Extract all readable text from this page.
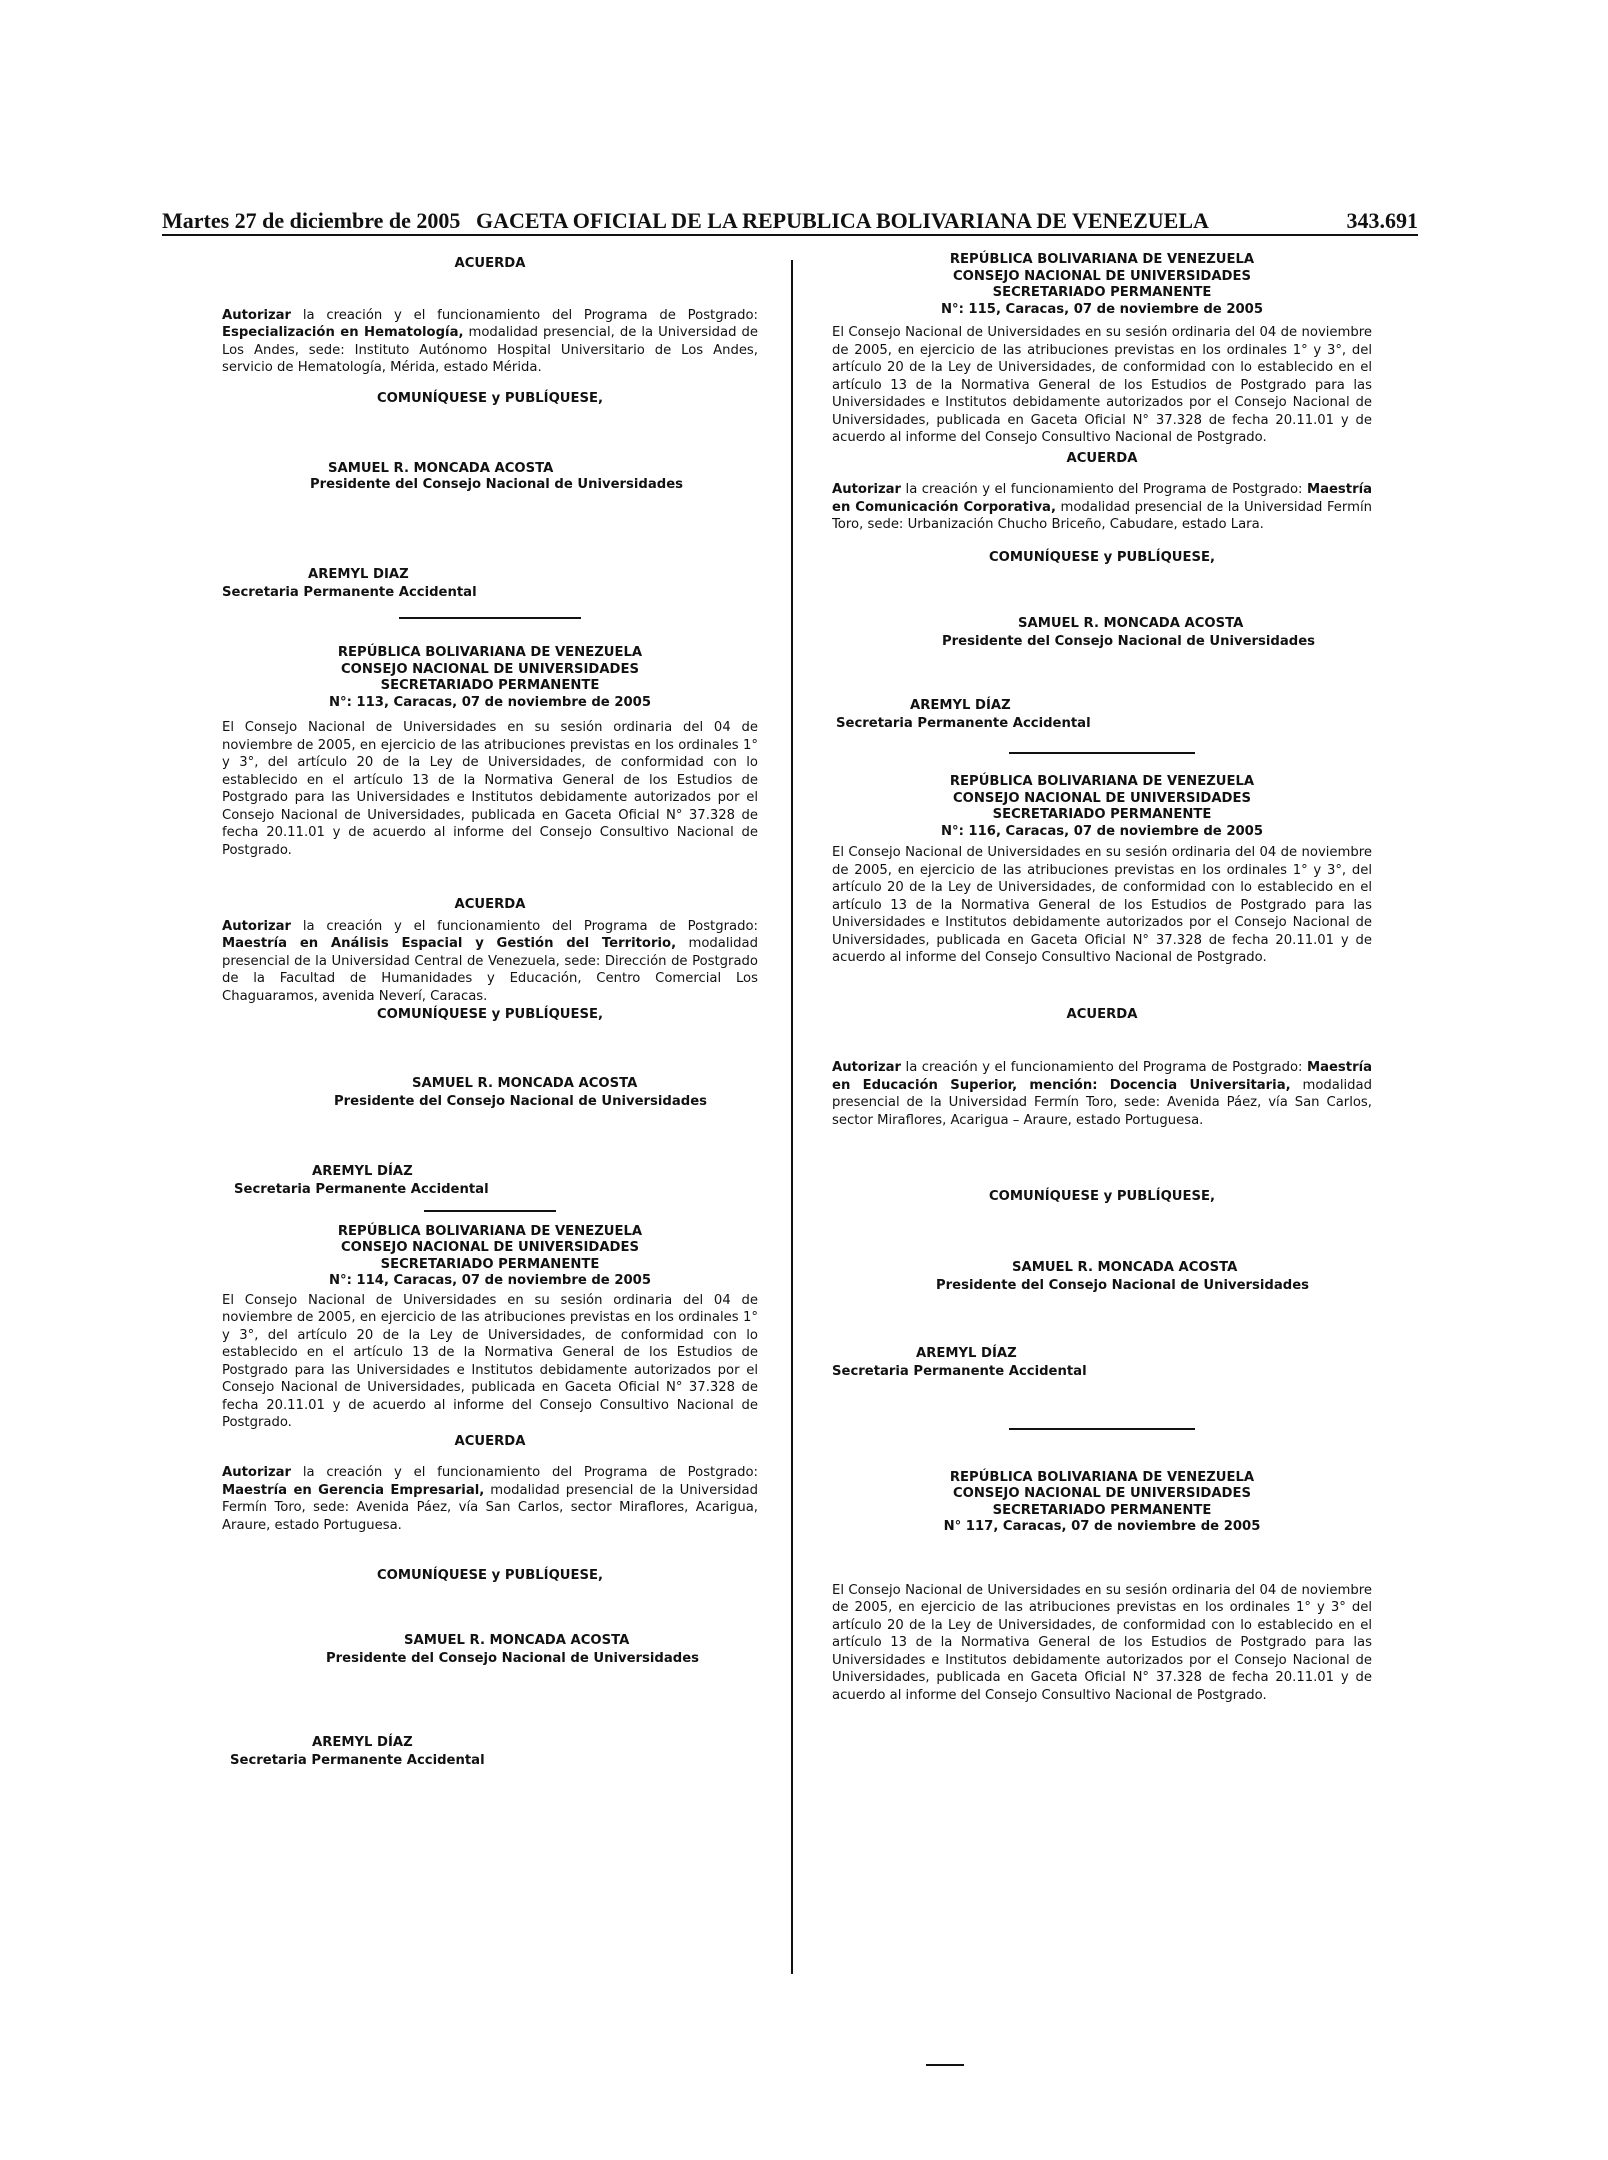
Martes 27 de diciembre de 2005 GACETA OFICIAL DE LA REPUBLICA BOLIVARIANA DE VENEZUELA	343.691
ACUERDA

Autorizar la creación y el funcionamiento del Programa de Postgrado: Especialización en Hematología, modalidad presencial, de la Universidad de Los Andes, sede: Instituto Autónomo Hospital Universitario de Los Andes, servicio de Hematología, Mérida, estado Mérida.

COMUNÍQUESE y PUBLÍQUESE,
SAMUEL R. MONCADA ACOSTA
Presidente del Consejo Nacional de Universidades
AREMYL DIAZ
Secretaria Permanente Accidental
REPÚBLICA BOLIVARIANA DE VENEZUELA
CONSEJO NACIONAL DE UNIVERSIDADES
SECRETARIADO PERMANENTE
N°: 113, Caracas, 07 de noviembre de 2005

El Consejo Nacional de Universidades en su sesión ordinaria del 04 de noviembre de 2005, en ejercicio de las atribuciones previstas en los ordinales 1° y 3°, del artículo 20 de la Ley de Universidades, de conformidad con lo establecido en el artículo 13 de la Normativa General de los Estudios de Postgrado para las Universidades e Institutos debidamente autorizados por el Consejo Nacional de Universidades, publicada en Gaceta Oficial N° 37.328 de fecha 20.11.01 y de acuerdo al informe del Consejo Consultivo Nacional de Postgrado.

ACUERDA

Autorizar la creación y el funcionamiento del Programa de Postgrado: Maestría en Análisis Espacial y Gestión del Territorio, modalidad presencial de la Universidad Central de Venezuela, sede: Dirección de Postgrado de la Facultad de Humanidades y Educación, Centro Comercial Los Chaguaramos, avenida Neverí, Caracas.

COMUNÍQUESE y PUBLÍQUESE,
SAMUEL R. MONCADA ACOSTA
Presidente del Consejo Nacional de Universidades
AREMYL DÍAZ
Secretaria Permanente Accidental
REPÚBLICA BOLIVARIANA DE VENEZUELA
CONSEJO NACIONAL DE UNIVERSIDADES
SECRETARIADO PERMANENTE
N°: 114, Caracas, 07 de noviembre de 2005

El Consejo Nacional de Universidades en su sesión ordinaria del 04 de noviembre de 2005, en ejercicio de las atribuciones previstas en los ordinales 1° y 3°, del artículo 20 de la Ley de Universidades, de conformidad con lo establecido en el artículo 13 de la Normativa General de los Estudios de Postgrado para las Universidades e Institutos debidamente autorizados por el Consejo Nacional de Universidades, publicada en Gaceta Oficial N° 37.328 de fecha 20.11.01 y de acuerdo al informe del Consejo Consultivo Nacional de Postgrado.

ACUERDA

Autorizar la creación y el funcionamiento del Programa de Postgrado: Maestría en Gerencia Empresarial, modalidad presencial de la Universidad Fermín Toro, sede: Avenida Páez, vía San Carlos, sector Miraflores, Acarigua, Araure, estado Portuguesa.

COMUNÍQUESE y PUBLÍQUESE,
SAMUEL R. MONCADA ACOSTA
Presidente del Consejo Nacional de Universidades
AREMYL DÍAZ
Secretaria Permanente Accidental
REPÚBLICA BOLIVARIANA DE VENEZUELA
CONSEJO NACIONAL DE UNIVERSIDADES
SECRETARIADO PERMANENTE
N°: 115, Caracas, 07 de noviembre de 2005

El Consejo Nacional de Universidades en su sesión ordinaria del 04 de noviembre de 2005, en ejercicio de las atribuciones previstas en los ordinales 1° y 3°, del artículo 20 de la Ley de Universidades, de conformidad con lo establecido en el artículo 13 de la Normativa General de los Estudios de Postgrado para las Universidades e Institutos debidamente autorizados por el Consejo Nacional de Universidades, publicada en Gaceta Oficial N° 37.328 de fecha 20.11.01 y de acuerdo al informe del Consejo Consultivo Nacional de Postgrado.

ACUERDA

Autorizar la creación y el funcionamiento del Programa de Postgrado: Maestría en Comunicación Corporativa, modalidad presencial de la Universidad Fermín Toro, sede: Urbanización Chucho Briceño, Cabudare, estado Lara.

COMUNÍQUESE y PUBLÍQUESE,
SAMUEL R. MONCADA ACOSTA
Presidente del Consejo Nacional de Universidades
AREMYL DÍAZ
Secretaria Permanente Accidental
REPÚBLICA BOLIVARIANA DE VENEZUELA
CONSEJO NACIONAL DE UNIVERSIDADES
SECRETARIADO PERMANENTE
N°: 116, Caracas, 07 de noviembre de 2005

El Consejo Nacional de Universidades en su sesión ordinaria del 04 de noviembre de 2005, en ejercicio de las atribuciones previstas en los ordinales 1° y 3°, del artículo 20 de la Ley de Universidades, de conformidad con lo establecido en el artículo 13 de la Normativa General de los Estudios de Postgrado para las Universidades e Institutos debidamente autorizados por el Consejo Nacional de Universidades, publicada en Gaceta Oficial N° 37.328 de fecha 20.11.01 y de acuerdo al informe del Consejo Consultivo Nacional de Postgrado.

ACUERDA

Autorizar la creación y el funcionamiento del Programa de Postgrado: Maestría en Educación Superior, mención: Docencia Universitaria, modalidad presencial de la Universidad Fermín Toro, sede: Avenida Páez, vía San Carlos, sector Miraflores, Acarigua – Araure, estado Portuguesa.

COMUNÍQUESE y PUBLÍQUESE,
SAMUEL R. MONCADA ACOSTA
Presidente del Consejo Nacional de Universidades
AREMYL DÍAZ
Secretaria Permanente Accidental
REPÚBLICA BOLIVARIANA DE VENEZUELA
CONSEJO NACIONAL DE UNIVERSIDADES
SECRETARIADO PERMANENTE
N° 117, Caracas, 07 de noviembre de 2005

El Consejo Nacional de Universidades en su sesión ordinaria del 04 de noviembre de 2005, en ejercicio de las atribuciones previstas en los ordinales 1° y 3° del artículo 20 de la Ley de Universidades, de conformidad con lo establecido en el artículo 13 de la Normativa General de los Estudios de Postgrado para las Universidades e Institutos debidamente autorizados por el Consejo Nacional de Universidades, publicada en Gaceta Oficial N° 37.328 de fecha 20.11.01 y de acuerdo al informe del Consejo Consultivo Nacional de Postgrado.
